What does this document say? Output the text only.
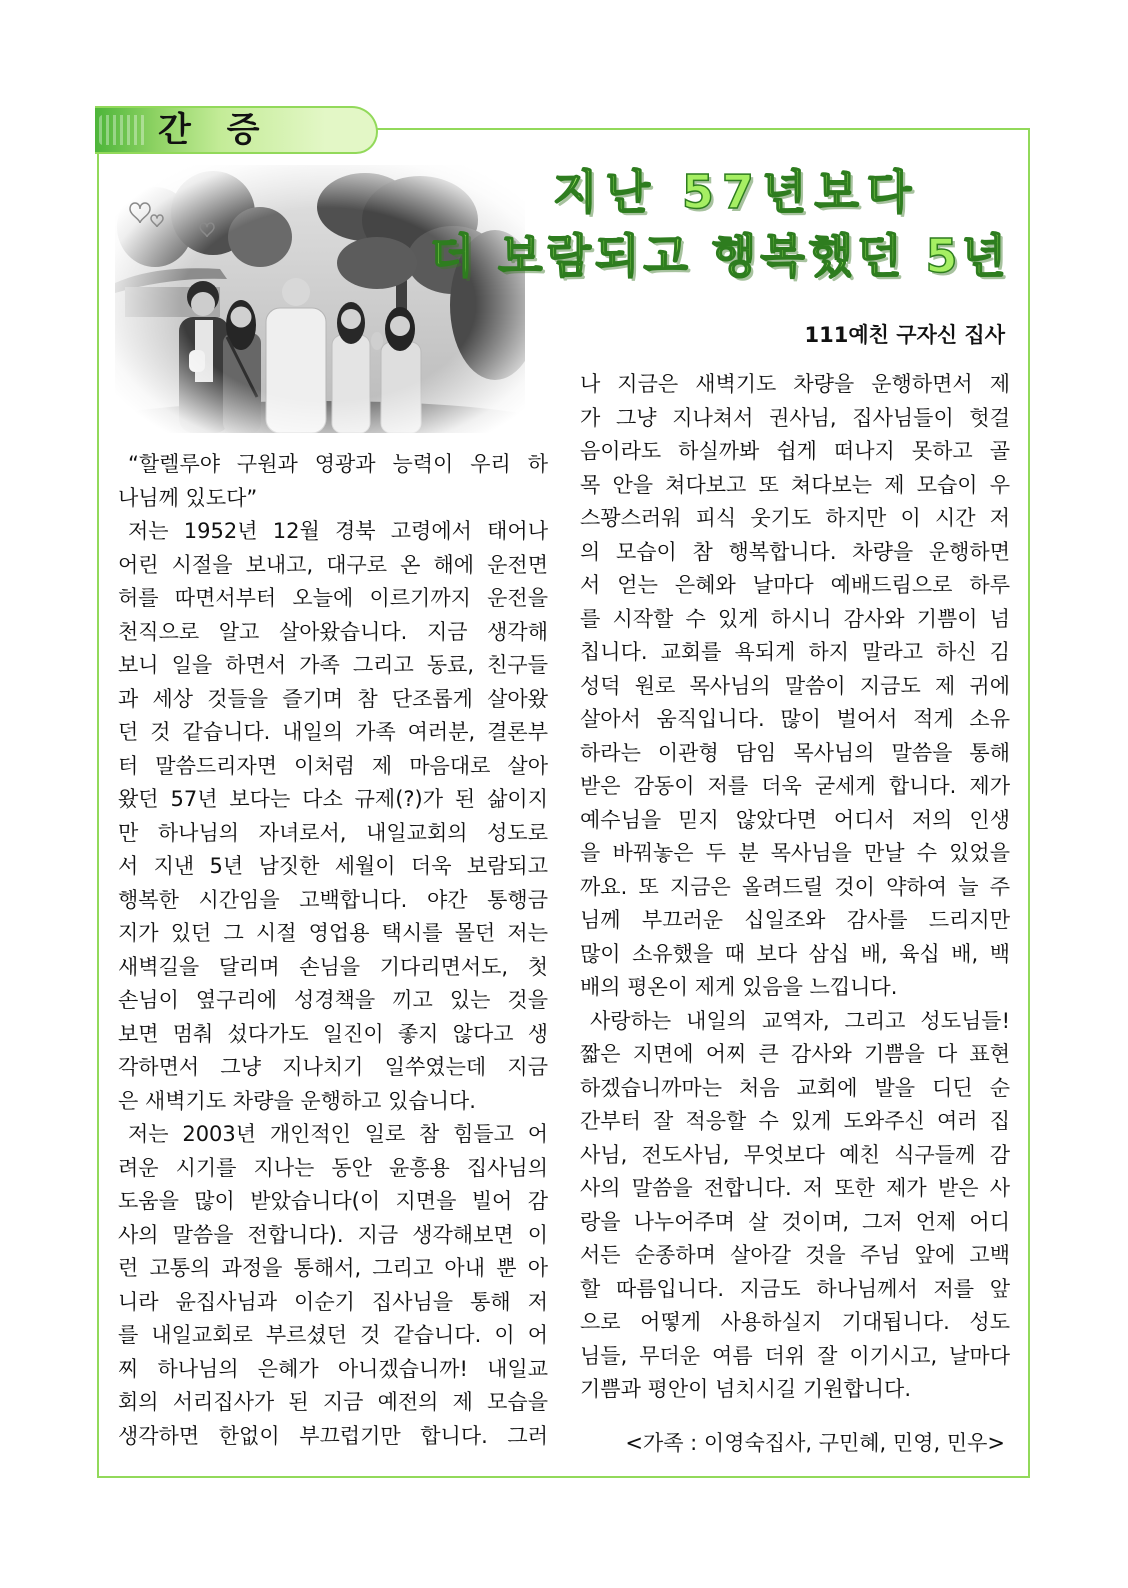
간 증
지난 57년보다
더 보람되고 행복했던 5년
111예친 구자신 집사
“할렐루야 구원과 영광과 능력이 우리 하
나님께 있도다”
저는 1952년 12월 경북 고령에서 태어나
어린 시절을 보내고, 대구로 온 해에 운전면
허를 따면서부터 오늘에 이르기까지 운전을
천직으로 알고 살아왔습니다. 지금 생각해
보니 일을 하면서 가족 그리고 동료, 친구들
과 세상 것들을 즐기며 참 단조롭게 살아왔
던 것 같습니다. 내일의 가족 여러분, 결론부
터 말씀드리자면 이처럼 제 마음대로 살아
왔던 57년 보다는 다소 규제(?)가 된 삶이지
만 하나님의 자녀로서, 내일교회의 성도로
서 지낸 5년 남짓한 세월이 더욱 보람되고
행복한 시간임을 고백합니다. 야간 통행금
지가 있던 그 시절 영업용 택시를 몰던 저는
새벽길을 달리며 손님을 기다리면서도, 첫
손님이 옆구리에 성경책을 끼고 있는 것을
보면 멈춰 섰다가도 일진이 좋지 않다고 생
각하면서 그냥 지나치기 일쑤였는데 지금
은 새벽기도 차량을 운행하고 있습니다.
저는 2003년 개인적인 일로 참 힘들고 어
려운 시기를 지나는 동안 윤흥용 집사님의
도움을 많이 받았습니다(이 지면을 빌어 감
사의 말씀을 전합니다). 지금 생각해보면 이
런 고통의 과정을 통해서, 그리고 아내 뿐 아
니라 윤집사님과 이순기 집사님을 통해 저
를 내일교회로 부르셨던 것 같습니다. 이 어
찌 하나님의 은혜가 아니겠습니까! 내일교
회의 서리집사가 된 지금 예전의 제 모습을
생각하면 한없이 부끄럽기만 합니다. 그러
나 지금은 새벽기도 차량을 운행하면서 제
가 그냥 지나쳐서 권사님, 집사님들이 헛걸
음이라도 하실까봐 쉽게 떠나지 못하고 골
목 안을 쳐다보고 또 쳐다보는 제 모습이 우
스꽝스러워 피식 웃기도 하지만 이 시간 저
의 모습이 참 행복합니다. 차량을 운행하면
서 얻는 은혜와 날마다 예배드림으로 하루
를 시작할 수 있게 하시니 감사와 기쁨이 넘
칩니다. 교회를 욕되게 하지 말라고 하신 김
성덕 원로 목사님의 말씀이 지금도 제 귀에
살아서 움직입니다. 많이 벌어서 적게 소유
하라는 이관형 담임 목사님의 말씀을 통해
받은 감동이 저를 더욱 굳세게 합니다. 제가
예수님을 믿지 않았다면 어디서 저의 인생
을 바꿔놓은 두 분 목사님을 만날 수 있었을
까요. 또 지금은 올려드릴 것이 약하여 늘 주
님께 부끄러운 십일조와 감사를 드리지만
많이 소유했을 때 보다 삼십 배, 육십 배, 백
배의 평온이 제게 있음을 느낍니다.
사랑하는 내일의 교역자, 그리고 성도님들!
짧은 지면에 어찌 큰 감사와 기쁨을 다 표현
하겠습니까마는 처음 교회에 발을 디딘 순
간부터 잘 적응할 수 있게 도와주신 여러 집
사님, 전도사님, 무엇보다 예친 식구들께 감
사의 말씀을 전합니다. 저 또한 제가 받은 사
랑을 나누어주며 살 것이며, 그저 언제 어디
서든 순종하며 살아갈 것을 주님 앞에 고백
할 따름입니다. 지금도 하나님께서 저를 앞
으로 어떻게 사용하실지 기대됩니다. 성도
님들, 무더운 여름 더위 잘 이기시고, 날마다
기쁨과 평안이 넘치시길 기원합니다.
<가족 : 이영숙집사, 구민혜, 민영, 민우>
